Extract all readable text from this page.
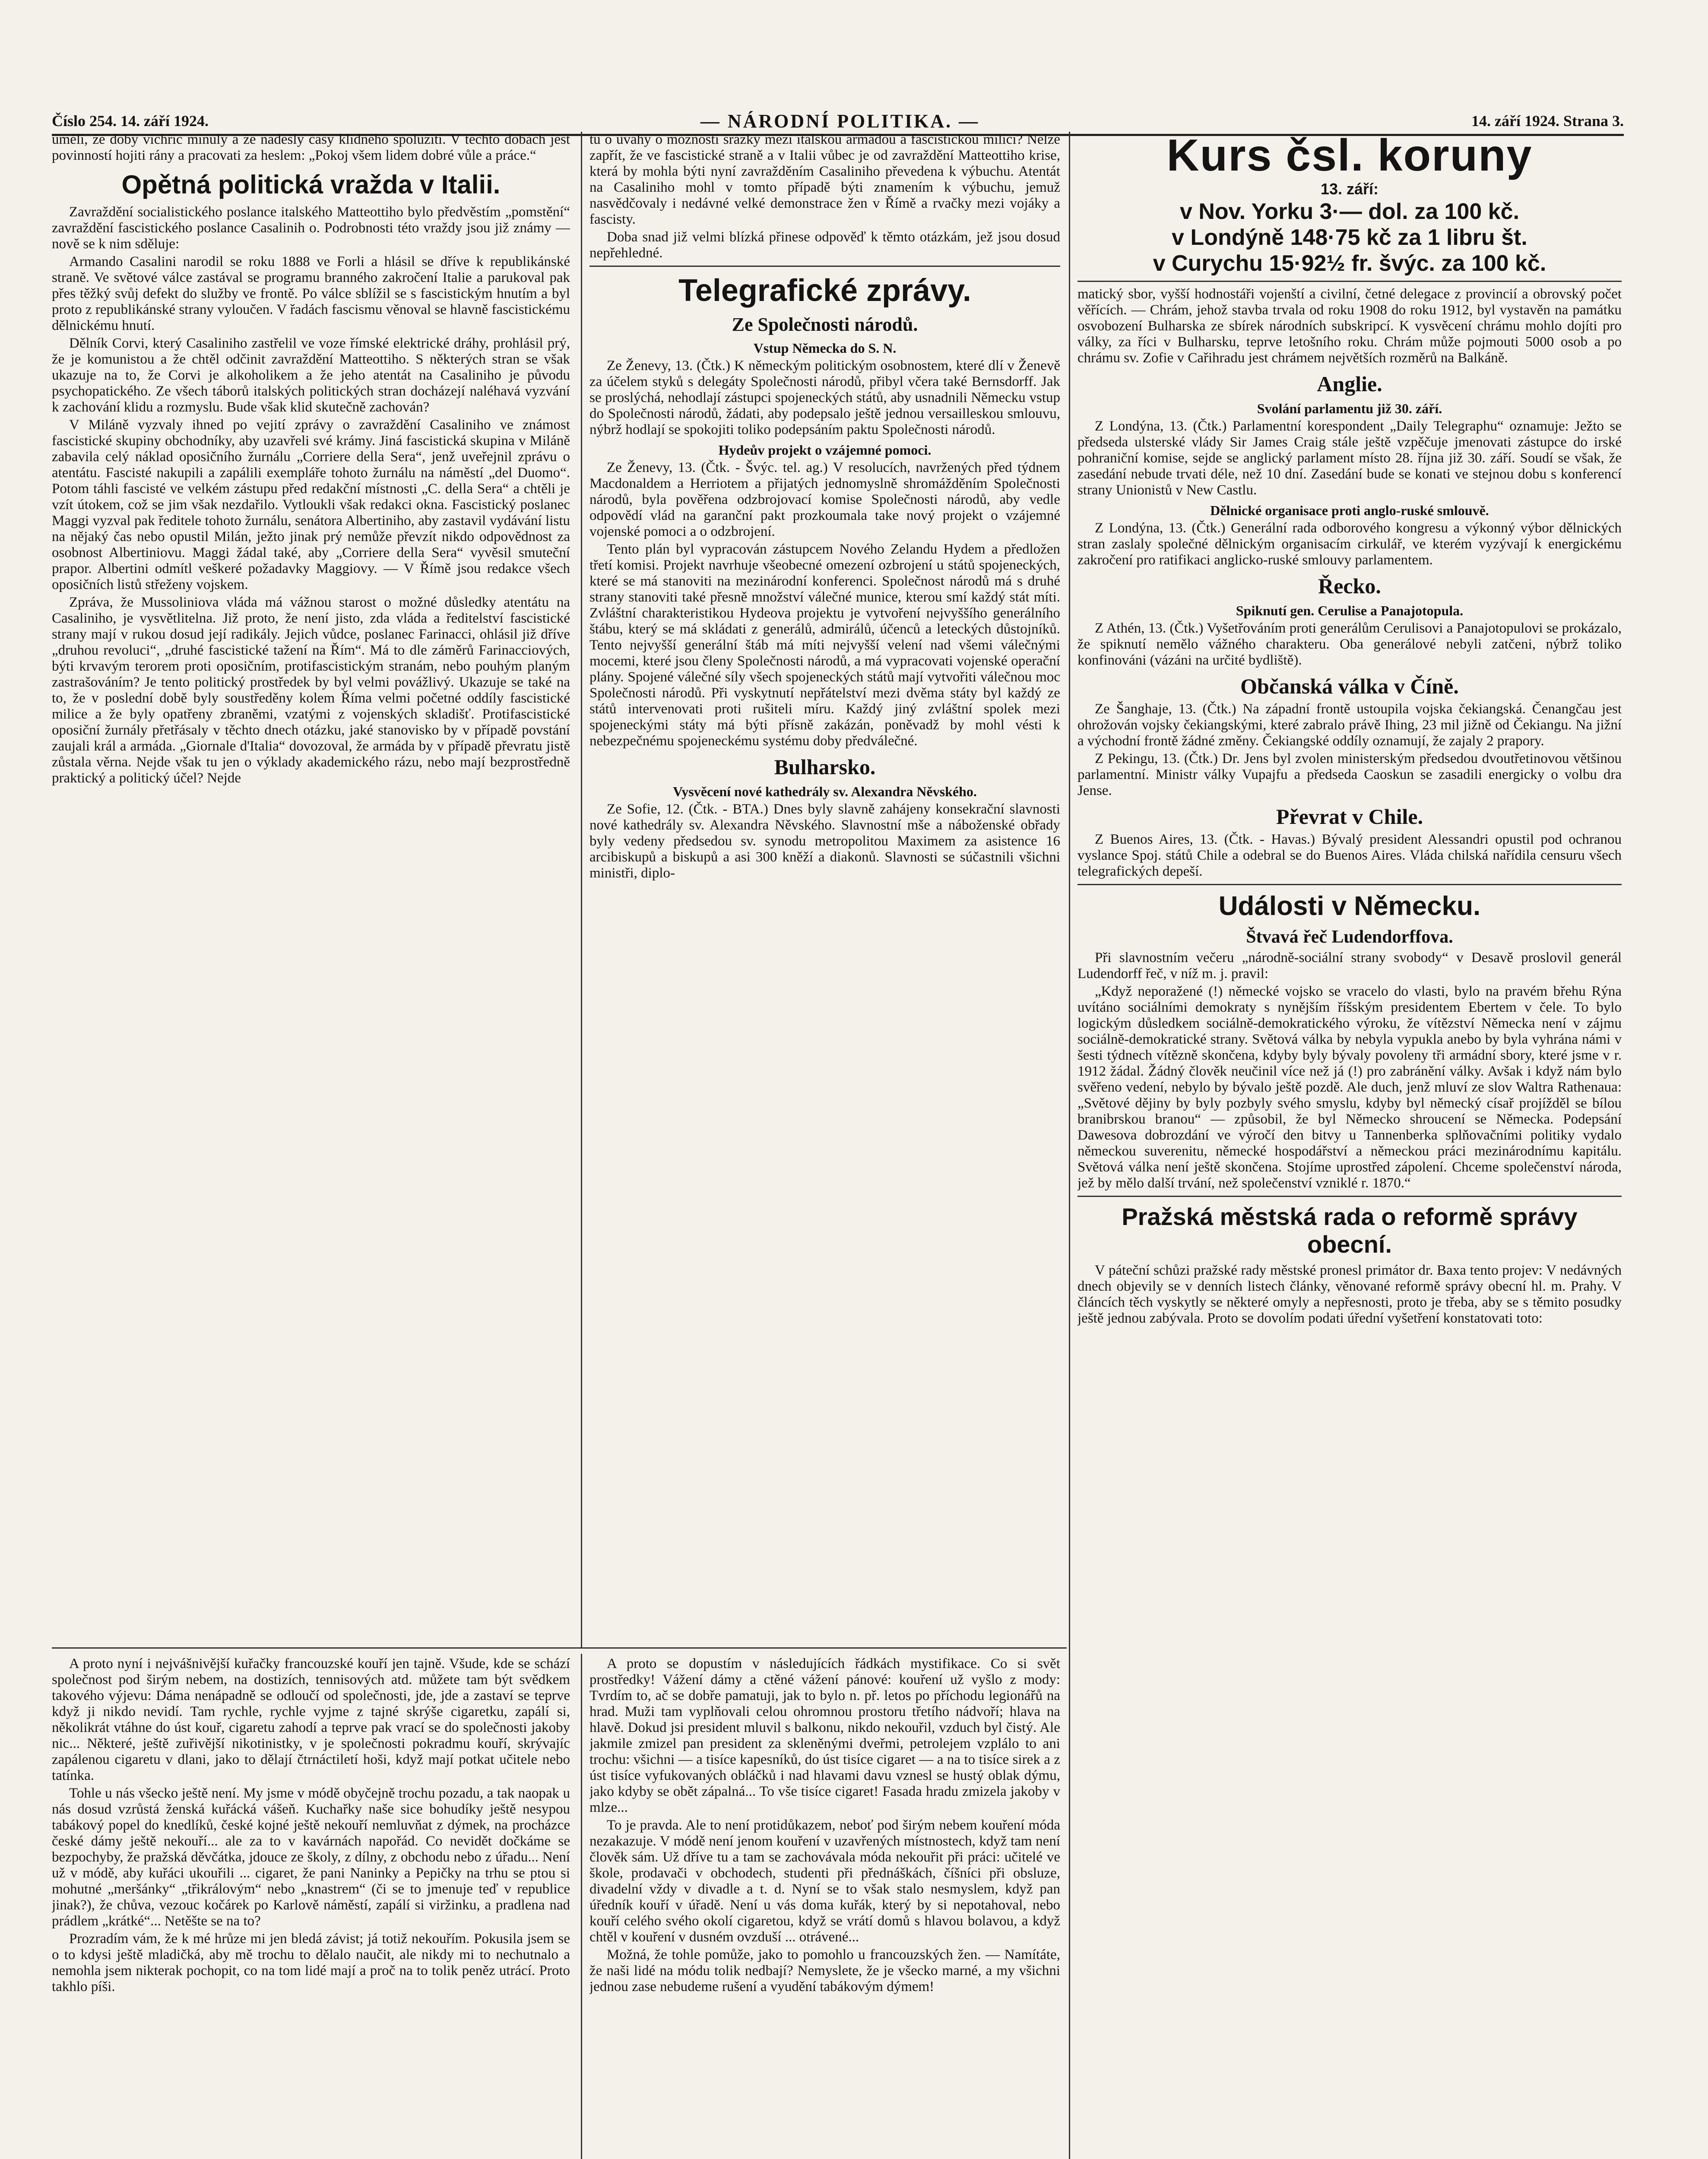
Číslo 254. 14. září 1924.	— NÁRODNÍ POLITIKA. —	14. září 1924. Strana 3.

uměli, že doby vichřic minuly a že nadešly časy klidného spolužití. V těchto dobách jest povinností hojiti rány a pracovati za heslem: „Pokoj všem lidem dobré vůle a práce.“

Opětná politická vražda v Italii.

Zavraždění socialistického poslance italského Matteottiho bylo předvěstím „pomstění“ zavraždění fascistického poslance Casalinih o. Podrobnosti této vraždy jsou již známy — nově se k nim sděluje:

Armando Casalini narodil se roku 1888 ve Forli a hlásil se dříve k republikánské straně. Ve světové válce zastával se programu branného zakročení Italie a parukoval pak přes těžký svůj defekt do služby ve frontě. Po válce sblížil se s fascistickým hnutím a byl proto z republikánské strany vyloučen. V řadách fascismu věnoval se hlavně fascistickému dělnickému hnutí.

Dělník Corvi, který Casaliniho zastřelil ve voze římské elektrické dráhy, prohlásil prý, že je komunistou a že chtěl odčinit zavraždění Matteottiho. S některých stran se však ukazuje na to, že Corvi je alkoholikem a že jeho atentát na Casaliniho je původu psychopatického. Ze všech táborů italských politických stran docházejí naléhavá vyzvání k zachování klidu a rozmyslu. Bude však klid skutečně zachován?

V Miláně vyzvaly ihned po vejití zprávy o zavraždění Casaliniho ve známost fascistické skupiny obchodníky, aby uzavřeli své krámy. Jiná fascistická skupina v Miláně zabavila celý náklad oposičního žurnálu „Corriere della Sera“, jenž uveřejnil zprávu o atentátu. Fascisté nakupili a zapálili exempláře tohoto žurnálu na náměstí „del Duomo“. Potom táhli fascisté ve velkém zástupu před redakční místnosti „C. della Sera“ a chtěli je vzít útokem, což se jim však nezdařilo. Vytloukli však redakci okna. Fascistický poslanec Maggi vyzval pak ředitele tohoto žurnálu, senátora Albertiniho, aby zastavil vydávání listu na nějaký čas nebo opustil Milán, ježto jinak prý nemůže převzít nikdo odpovědnost za osobnost Albertiniovu. Maggi žádal také, aby „Corriere della Sera“ vyvěsil smuteční prapor. Albertini odmítl veškeré požadavky Maggiovy. — V Římě jsou redakce všech oposičních listů střeženy vojskem.

Zpráva, že Mussoliniova vláda má vážnou starost o možné důsledky atentátu na Casaliniho, je vysvětlitelna. Již proto, že není jisto, zda vláda a ředitelství fascistické strany mají v rukou dosud její radikály. Jejich vůdce, poslanec Farinacci, ohlásil již dříve „druhou revoluci“, „druhé fascistické tažení na Řím“. Má to dle záměrů Farinacciových, býti krvavým terorem proti oposičním, protifascistickým stranám, nebo pouhým planým zastrašováním? Je tento politický prostředek by byl velmi povážlivý. Ukazuje se také na to, že v poslední době byly soustředěny kolem Říma velmi početné oddíly fascistické milice a že byly opatřeny zbraněmi, vzatými z vojenských skladišť. Protifascistické oposiční žurnály přetřásaly v těchto dnech otázku, jaké stanovisko by v případě povstání zaujali král a armáda. „Giornale d'Italia“ dovozoval, že armáda by v případě převratu jistě zůstala věrna. Nejde však tu jen o výklady akademického rázu, nebo mají bezprostředně praktický a politický účel? Nejde

tu o úvahy o možnosti srážky mezi italskou armádou a fascistickou milicí? Nelze zapřít, že ve fascistické straně a v Italii vůbec je od zavraždění Matteottiho krise, která by mohla býti nyní zavražděním Casaliniho převedena k výbuchu. Atentát na Casaliniho mohl v tomto případě býti znamením k výbuchu, jemuž nasvědčovaly i nedávné velké demonstrace žen v Římě a rvačky mezi vojáky a fascisty.

Doba snad již velmi blízká přinese odpověď k těmto otázkám, jež jsou dosud nepřehledné.

Telegrafické zprávy.
Ze Společnosti národů.
Vstup Německa do S. N.

Ze Ženevy, 13. (Čtk.) K německým politickým osobnostem, které dlí v Ženevě za účelem styků s delegáty Společnosti národů, přibyl včera také Bernsdorff. Jak se proslýchá, nehodlají zástupci spojeneckých států, aby usnadnili Německu vstup do Společnosti národů, žádati, aby podepsalo ještě jednou versailleskou smlouvu, nýbrž hodlají se spokojiti toliko podepsáním paktu Společnosti národů.

Hydeův projekt o vzájemné pomoci.

Ze Ženevy, 13. (Čtk. - Švýc. tel. ag.) V resolucích, navržených před týdnem Macdonaldem a Herriotem a přijatých jednomyslně shromážděním Společnosti národů, byla pověřena odzbrojovací komise Společnosti národů, aby vedle odpovědí vlád na garanční pakt prozkoumala take nový projekt o vzájemné vojenské pomoci a o odzbrojení.

Tento plán byl vypracován zástupcem Nového Zelandu Hydem a předložen třetí komisi. Projekt navrhuje všeobecné omezení ozbrojení u států spojeneckých, které se má stanoviti na mezinárodní konferenci. Společnost národů má s druhé strany stanoviti také přesně množství válečné munice, kterou smí každý stát míti. Zvláštní charakteristikou Hydeova projektu je vytvoření nejvyššího generálního štábu, který se má skládati z generálů, admirálů, účenců a leteckých důstojníků. Tento nejvyšší generální štáb má míti nejvyšší velení nad všemi válečnými mocemi, které jsou členy Společnosti národů, a má vypracovati vojenské operační plány. Spojené válečné síly všech spojeneckých států mají vytvořiti válečnou moc Společnosti národů. Při vyskytnutí nepřátelství mezi dvěma státy byl každý ze států intervenovati proti rušiteli míru. Každý jiný zvláštní spolek mezi spojeneckými státy má býti přísně zakázán, poněvadž by mohl vésti k nebezpečnému spojeneckému systému doby předválečné.

Bulharsko.
Vysvěcení nové kathedrály sv. Alexandra Něvského.

Ze Sofie, 12. (Čtk. - BTA.) Dnes byly slavně zahájeny konsekrační slavnosti nové kathedrály sv. Alexandra Něvského. Slavnostní mše a náboženské obřady byly vedeny předsedou sv. synodu metropolitou Maximem za asistence 16 arcibiskupů a biskupů a asi 300 kněží a diakonů. Slavnosti se súčastnili všichni ministři, diplo-

Kurs čsl. koruny
13. září:
v Nov. Yorku 3·— dol. za 100 kč.
v Londýně 148·75 kč za 1 libru št.
v Curychu 15·92½ fr. švýc. za 100 kč.

matický sbor, vyšší hodnostáři vojenští a civilní, četné delegace z provincií a obrovský počet věřících. — Chrám, jehož stavba trvala od roku 1908 do roku 1912, byl vystavěn na památku osvobození Bulharska ze sbírek národních subskripcí. K vysvěcení chrámu mohlo dojíti pro války, za říci v Bulharsku, teprve letošního roku. Chrám může pojmouti 5000 osob a po chrámu sv. Zofie v Cařihradu jest chrámem největších rozměrů na Balkáně.

Anglie.
Svolání parlamentu již 30. září.

Z Londýna, 13. (Čtk.) Parlamentní korespondent „Daily Telegraphu“ oznamuje: Ježto se předseda ulsterské vlády Sir James Craig stále ještě vzpěčuje jmenovati zástupce do irské pohraniční komise, sejde se anglický parlament místo 28. října již 30. září. Soudí se však, že zasedání nebude trvati déle, než 10 dní. Zasedání bude se konati ve stejnou dobu s konferencí strany Unionistů v New Castlu.

Dělnické organisace proti anglo-ruské smlouvě.

Z Londýna, 13. (Čtk.) Generální rada odborového kongresu a výkonný výbor dělnických stran zaslaly společné dělnickým organisacím cirkulář, ve kterém vyzývají k energickému zakročení pro ratifikaci anglicko-ruské smlouvy parlamentem.

Řecko.
Spiknutí gen. Cerulise a Panajotopula.

Z Athén, 13. (Čtk.) Vyšetřováním proti generálům Cerulisovi a Panajotopulovi se prokázalo, že spiknutí nemělo vážného charakteru. Oba generálové nebyli zatčeni, nýbrž toliko konfinováni (vázáni na určité bydliště).

Občanská válka v Číně.

Ze Šanghaje, 13. (Čtk.) Na západní frontě ustoupila vojska čekiangská. Čenangčau jest ohrožován vojsky čekiangskými, které zabralo právě Ihing, 23 mil jižně od Čekiangu. Na jižní a východní frontě žádné změny. Čekiangské oddíly oznamují, že zajaly 2 prapory.

Z Pekingu, 13. (Čtk.) Dr. Jens byl zvolen ministerským předsedou dvoutřetinovou většinou parlamentní. Ministr války Vupajfu a předseda Caoskun se zasadili energicky o volbu dra Jense.

Převrat v Chile.

Z Buenos Aires, 13. (Čtk. - Havas.) Bývalý president Alessandri opustil pod ochranou vyslance Spoj. států Chile a odebral se do Buenos Aires. Vláda chilská nařídila censuru všech telegrafických depeší.

Události v Německu.
Štvavá řeč Ludendorffova.

Při slavnostním večeru „národně-sociální strany svobody“ v Desavě proslovil generál Ludendorff řeč, v níž m. j. pravil:

„Když neporažené (!) německé vojsko se vracelo do vlasti, bylo na pravém břehu Rýna uvítáno sociálními demokraty s nynějším říšským presidentem Ebertem v čele. To bylo logickým důsledkem sociálně-demokratického výroku, že vítězství Německa není v zájmu sociálně-demokratické strany. Světová válka by nebyla vypukla anebo by byla vyhrána námi v šesti týdnech vítězně skončena, kdyby byly bývaly povoleny tři armádní sbory, které jsme v r. 1912 žádal. Žádný člověk neučinil více než já (!) pro zabránění války. Avšak i když nám bylo svěřeno vedení, nebylo by bývalo ještě pozdě. Ale duch, jenž mluví ze slov Waltra Rathenaua: „Světové dějiny by byly pozbyly svého smyslu, kdyby byl německý císař projížděl se bílou branibrskou branou“ — způsobil, že byl Německo shroucení se Německa. Podepsání Dawesova dobrozdání ve výročí den bitvy u Tannenberka splňovačními politiky vydalo německou suverenitu, německé hospodářství a německou práci mezinárodnímu kapitálu. Světová válka není ještě skončena. Stojíme uprostřed zápolení. Chceme společenství národa, jež by mělo další trvání, než společenství vzniklé r. 1870.“

Pražská městská rada o reformě správy obecní.

V páteční schůzi pražské rady městské pronesl primátor dr. Baxa tento projev: V nedávných dnech objevily se v denních listech články, věnované reformě správy obecní hl. m. Prahy. V článcích těch vyskytly se některé omyly a nepřesnosti, proto je třeba, aby se s těmito posudky ještě jednou zabývala. Proto se dovolím podati úřední vyšetření konstatovati toto:

A proto nyní i nejvášnivější kuřačky francouzské kouří jen tajně. Všude, kde se schází společnost pod širým nebem, na dostizích, tennisových atd. můžete tam být svědkem takového výjevu: Dáma nenápadně se odloučí od společnosti, jde, jde a zastaví se teprve když ji nikdo nevidí. Tam rychle, rychle vyjme z tajné skrýše cigaretku, zapálí si, několikrát vtáhne do úst kouř, cigaretu zahodí a teprve pak vrací se do společnosti jakoby nic... Některé, ještě zuřivější nikotinistky, v je společnosti pokradmu kouří, skrývajíc zapálenou cigaretu v dlani, jako to dělají čtrnáctiletí hoši, když mají potkat učitele nebo tatínka.

Tohle u nás všecko ještě není. My jsme v módě obyčejně trochu pozadu, a tak naopak u nás dosud vzrůstá ženská kuřácká vášeň. Kuchařky naše sice bohudíky ještě nesypou tabákový popel do knedlíků, české kojné ještě nekouří nemluvňat z dýmek, na procházce české dámy ještě nekouří... ale za to v kavárnách napořád. Co nevidět dočkáme se bezpochyby, že pražská děvčátka, jdouce ze školy, z dílny, z obchodu nebo z úřadu... Není už v módě, aby kuřáci ukouřili ... cigaret, že pani Naninky a Pepičky na trhu se ptou si mohutné „meršánky“ „třikrálovým“ nebo „knastrem“ (či se to jmenuje teď v republice jinak?), že chůva, vezouc kočárek po Karlově náměstí, zapálí si viržinku, a pradlena nad prádlem „krátké“... Netěšte se na to?

Prozradím vám, že k mé hrůze mi jen bledá závist; já totiž nekouřím. Pokusila jsem se o to kdysi ještě mladičká, aby mě trochu to dělalo naučit, ale nikdy mi to nechutnalo a nemohla jsem nikterak pochopit, co na tom lidé mají a proč na to tolik peněz utrácí. Proto takhlo píši.

A proto se dopustím v následujících řádkách mystifikace. Co si svět prostředky! Vážení dámy a ctěné vážení pánové: kouření už vyšlo z mody: Tvrdím to, ač se dobře pamatuji, jak to bylo n. př. letos po příchodu legionářů na hrad. Muži tam vyplňovali celou ohromnou prostoru třetího nádvoří; hlava na hlavě. Dokud jsi president mluvil s balkonu, nikdo nekouřil, vzduch byl čistý. Ale jakmile zmizel pan president za skleněnými dveřmi, petrolejem vzplálo to ani trochu: všichni — a tisíce kapesníků, do úst tisíce cigaret — a na to tisíce sirek a z úst tisíce vyfukovaných obláčků i nad hlavami davu vznesl se hustý oblak dýmu, jako kdyby se obět zápalná... To vše tisíce cigaret! Fasada hradu zmizela jakoby v mlze...

To je pravda. Ale to není protidůkazem, neboť pod širým nebem kouření móda nezakazuje. V módě není jenom kouření v uzavřených místnostech, když tam není člověk sám. Už dříve tu a tam se zachovávala móda nekouřit při práci: učitelé ve škole, prodavači v obchodech, studenti při přednáškách, číšníci při obsluze, divadelní vždy v divadle a t. d. Nyní se to však stalo nesmyslem, když pan úředník kouří v úřadě. Není u vás doma kuřák, který by si nepotahoval, nebo kouří celého svého okolí cigaretou, když se vrátí domů s hlavou bolavou, a když chtěl v kouření v dusném ovzduší ... otrávené...

Možná, že tohle pomůže, jako to pomohlo u francouzských žen. — Namítáte, že naši lidé na módu tolik nedbají? Nemyslete, že je všecko marné, a my všichni jednou zase nebudeme rušení a vyudění tabákovým dýmem!
